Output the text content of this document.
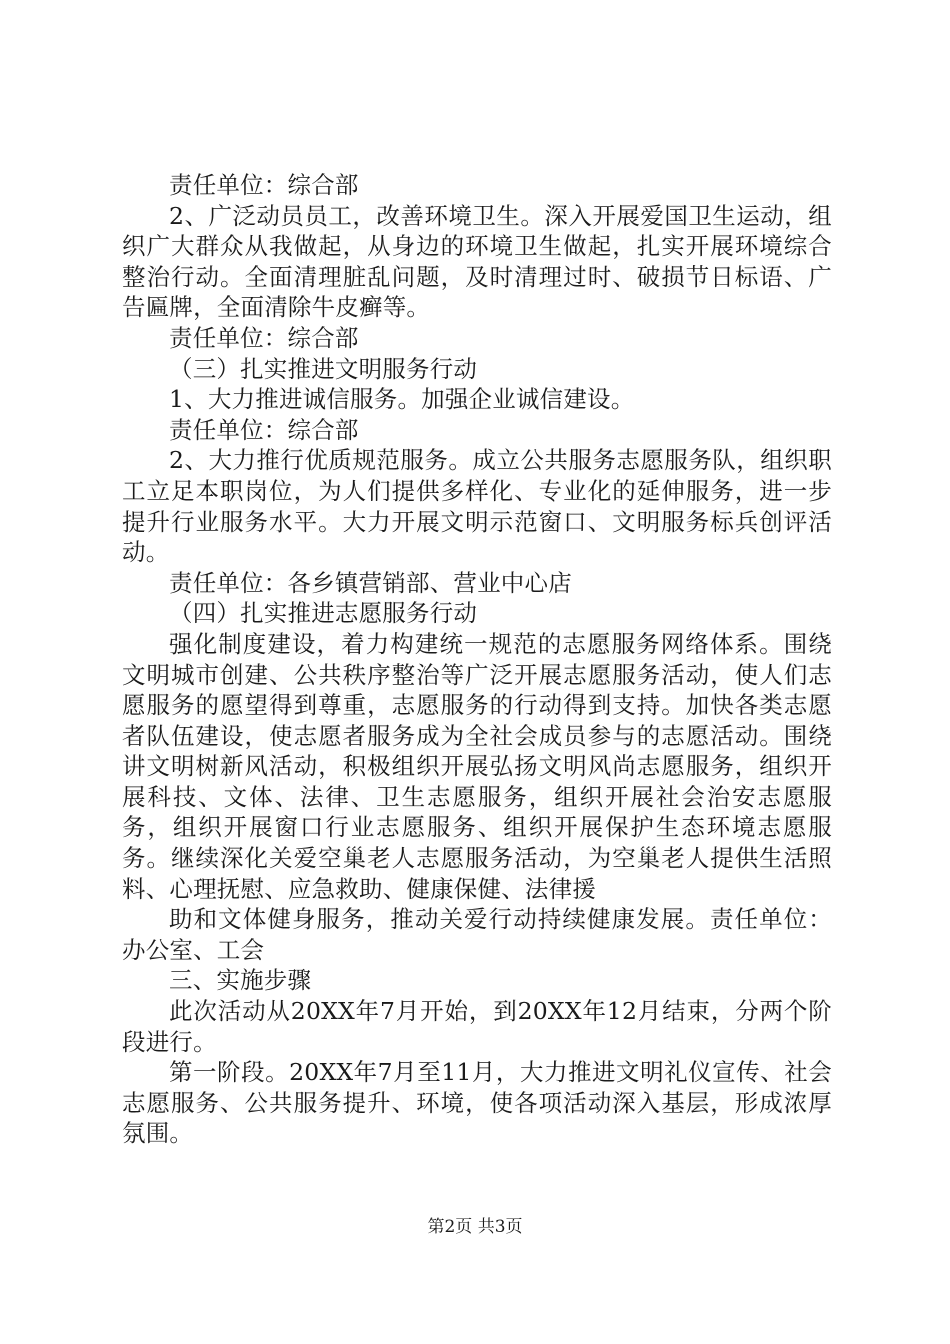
责任单位：综合部

2、广泛动员员工，改善环境卫生。深入开展爱国卫生运动，组织广大群众从我做起，从身边的环境卫生做起，扎实开展环境综合整治行动。全面清理脏乱问题，及时清理过时、破损节日标语、广告匾牌，全面清除牛皮癣等。

责任单位：综合部

（三）扎实推进文明服务行动

1、大力推进诚信服务。加强企业诚信建设。

责任单位：综合部

2、大力推行优质规范服务。成立公共服务志愿服务队，组织职工立足本职岗位，为人们提供多样化、专业化的延伸服务，进一步提升行业服务水平。大力开展文明示范窗口、文明服务标兵创评活动。

责任单位：各乡镇营销部、营业中心店

（四）扎实推进志愿服务行动

强化制度建设，着力构建统一规范的志愿服务网络体系。围绕文明城市创建、公共秩序整治等广泛开展志愿服务活动，使人们志愿服务的愿望得到尊重，志愿服务的行动得到支持。加快各类志愿者队伍建设，使志愿者服务成为全社会成员参与的志愿活动。围绕讲文明树新风活动，积极组织开展弘扬文明风尚志愿服务，组织开展科技、文体、法律、卫生志愿服务，组织开展社会治安志愿服务，组织开展窗口行业志愿服务、组织开展保护生态环境志愿服务。继续深化关爱空巢老人志愿服务活动，为空巢老人提供生活照料、心理抚慰、应急救助、健康保健、法律援

助和文体健身服务，推动关爱行动持续健康发展。责任单位：办公室、工会

三、实施步骤

此次活动从20XX年7月开始，到20XX年12月结束，分两个阶段进行。

第一阶段。20XX年7月至11月，大力推进文明礼仪宣传、社会志愿服务、公共服务提升、环境，使各项活动深入基层，形成浓厚氛围。

第2页 共3页
